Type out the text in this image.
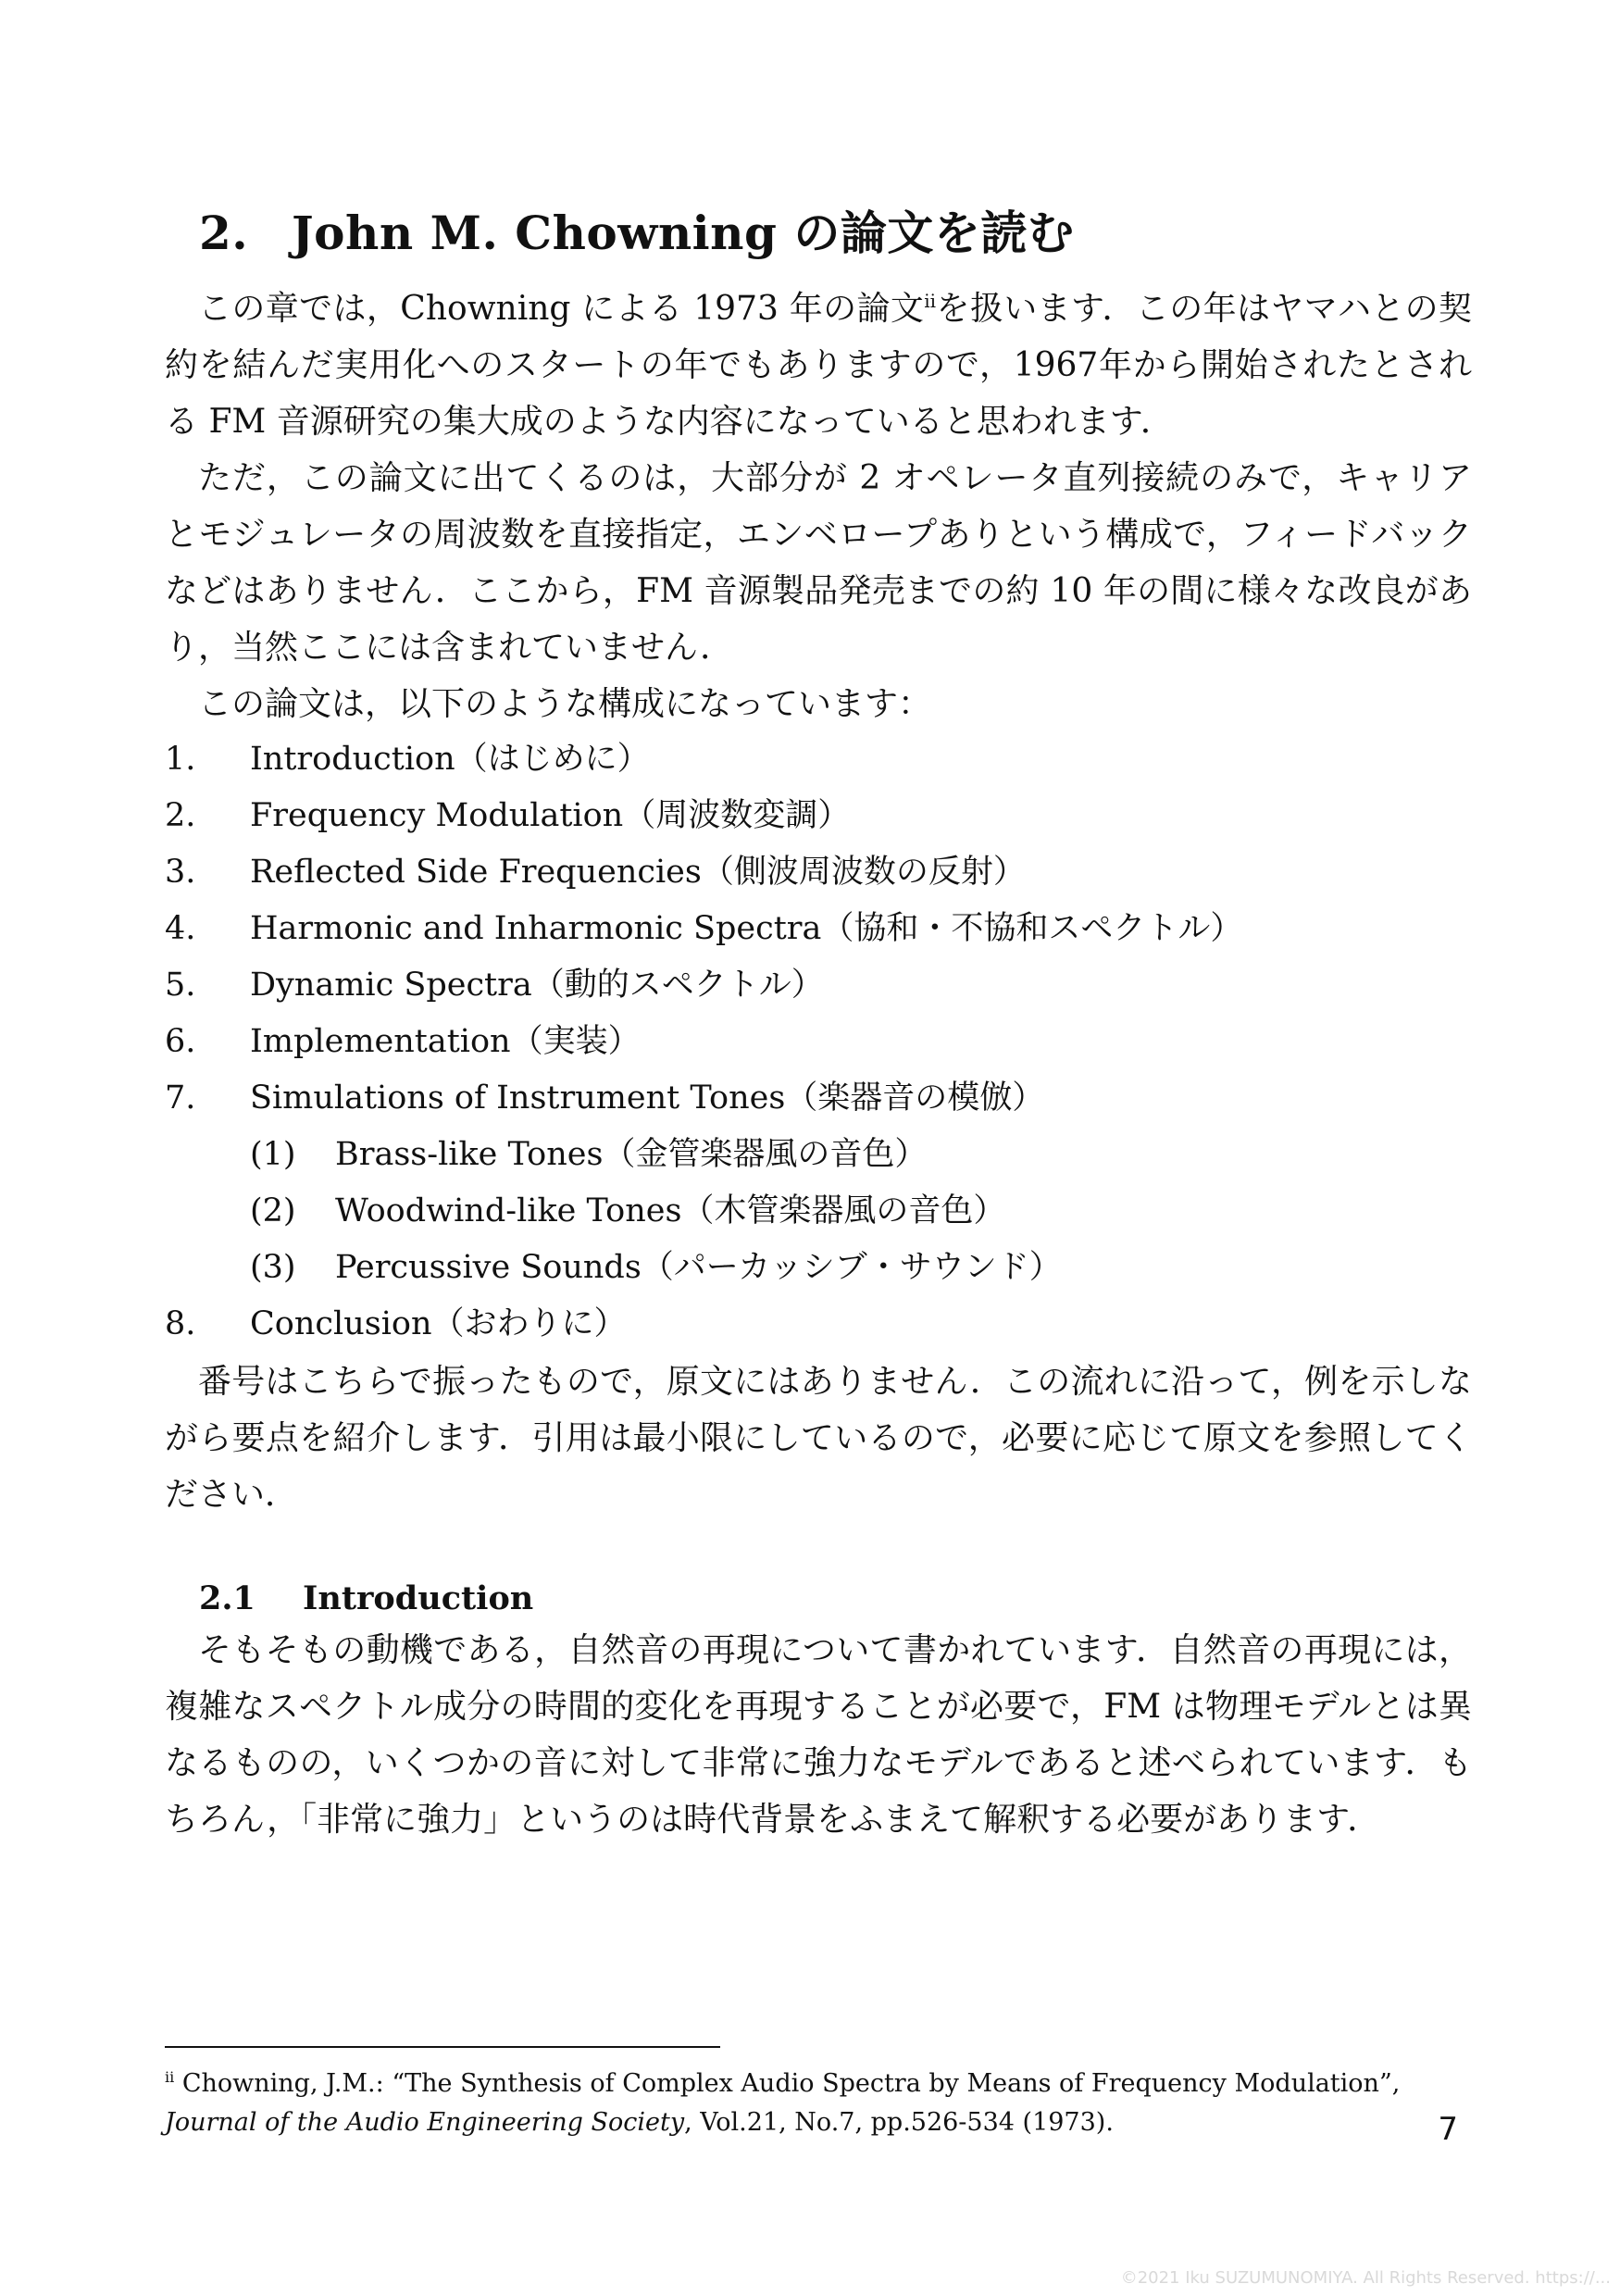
2. John M. Chowning の論文を読む

この章では，Chowning による 1973 年の論文$^{ii}$を扱います．この年はヤマハとの契約を結んだ実用化へのスタートの年でもありますので，1967年から開始されたとされる FM 音源研究の集大成のような内容になっていると思われます．

ただ，この論文に出てくるのは，大部分が 2 オペレータ直列接続のみで，キャリアとモジュレータの周波数を直接指定，エンベロープありという構成で，フィードバックなどはありません．ここから，FM 音源製品発売までの約 10 年の間に様々な改良があり，当然ここには含まれていません．

この論文は，以下のような構成になっています：

1. Introduction（はじめに）
2. Frequency Modulation（周波数変調）
3. Reflected Side Frequencies（側波周波数の反射）
4. Harmonic and Inharmonic Spectra（協和・不協和スペクトル）
5. Dynamic Spectra（動的スペクトル）
6. Implementation（実装）
7. Simulations of Instrument Tones（楽器音の模倣）
(1) Brass-like Tones（金管楽器風の音色）
(2) Woodwind-like Tones（木管楽器風の音色）
(3) Percussive Sounds（パーカッシブ・サウンド）
8. Conclusion（おわりに）

番号はこちらで振ったもので，原文にはありません．この流れに沿って，例を示しながら要点を紹介します．引用は最小限にしているので，必要に応じて原文を参照してください．

2.1 Introduction

そもそもの動機である，自然音の再現について書かれています．自然音の再現には，複雑なスペクトル成分の時間的変化を再現することが必要で，FM は物理モデルとは異なるものの，いくつかの音に対して非常に強力なモデルであると述べられています．もちろん，「非常に強力」というのは時代背景をふまえて解釈する必要があります．

$^{ii}$ Chowning, J.M.: “The Synthesis of Complex Audio Spectra by Means of Frequency Modulation”, Journal of the Audio Engineering Society, Vol.21, No.7, pp.526-534 (1973).	7
©2021 Iku SUZUMUNOMIYA. All Rights Reserved. https://...
